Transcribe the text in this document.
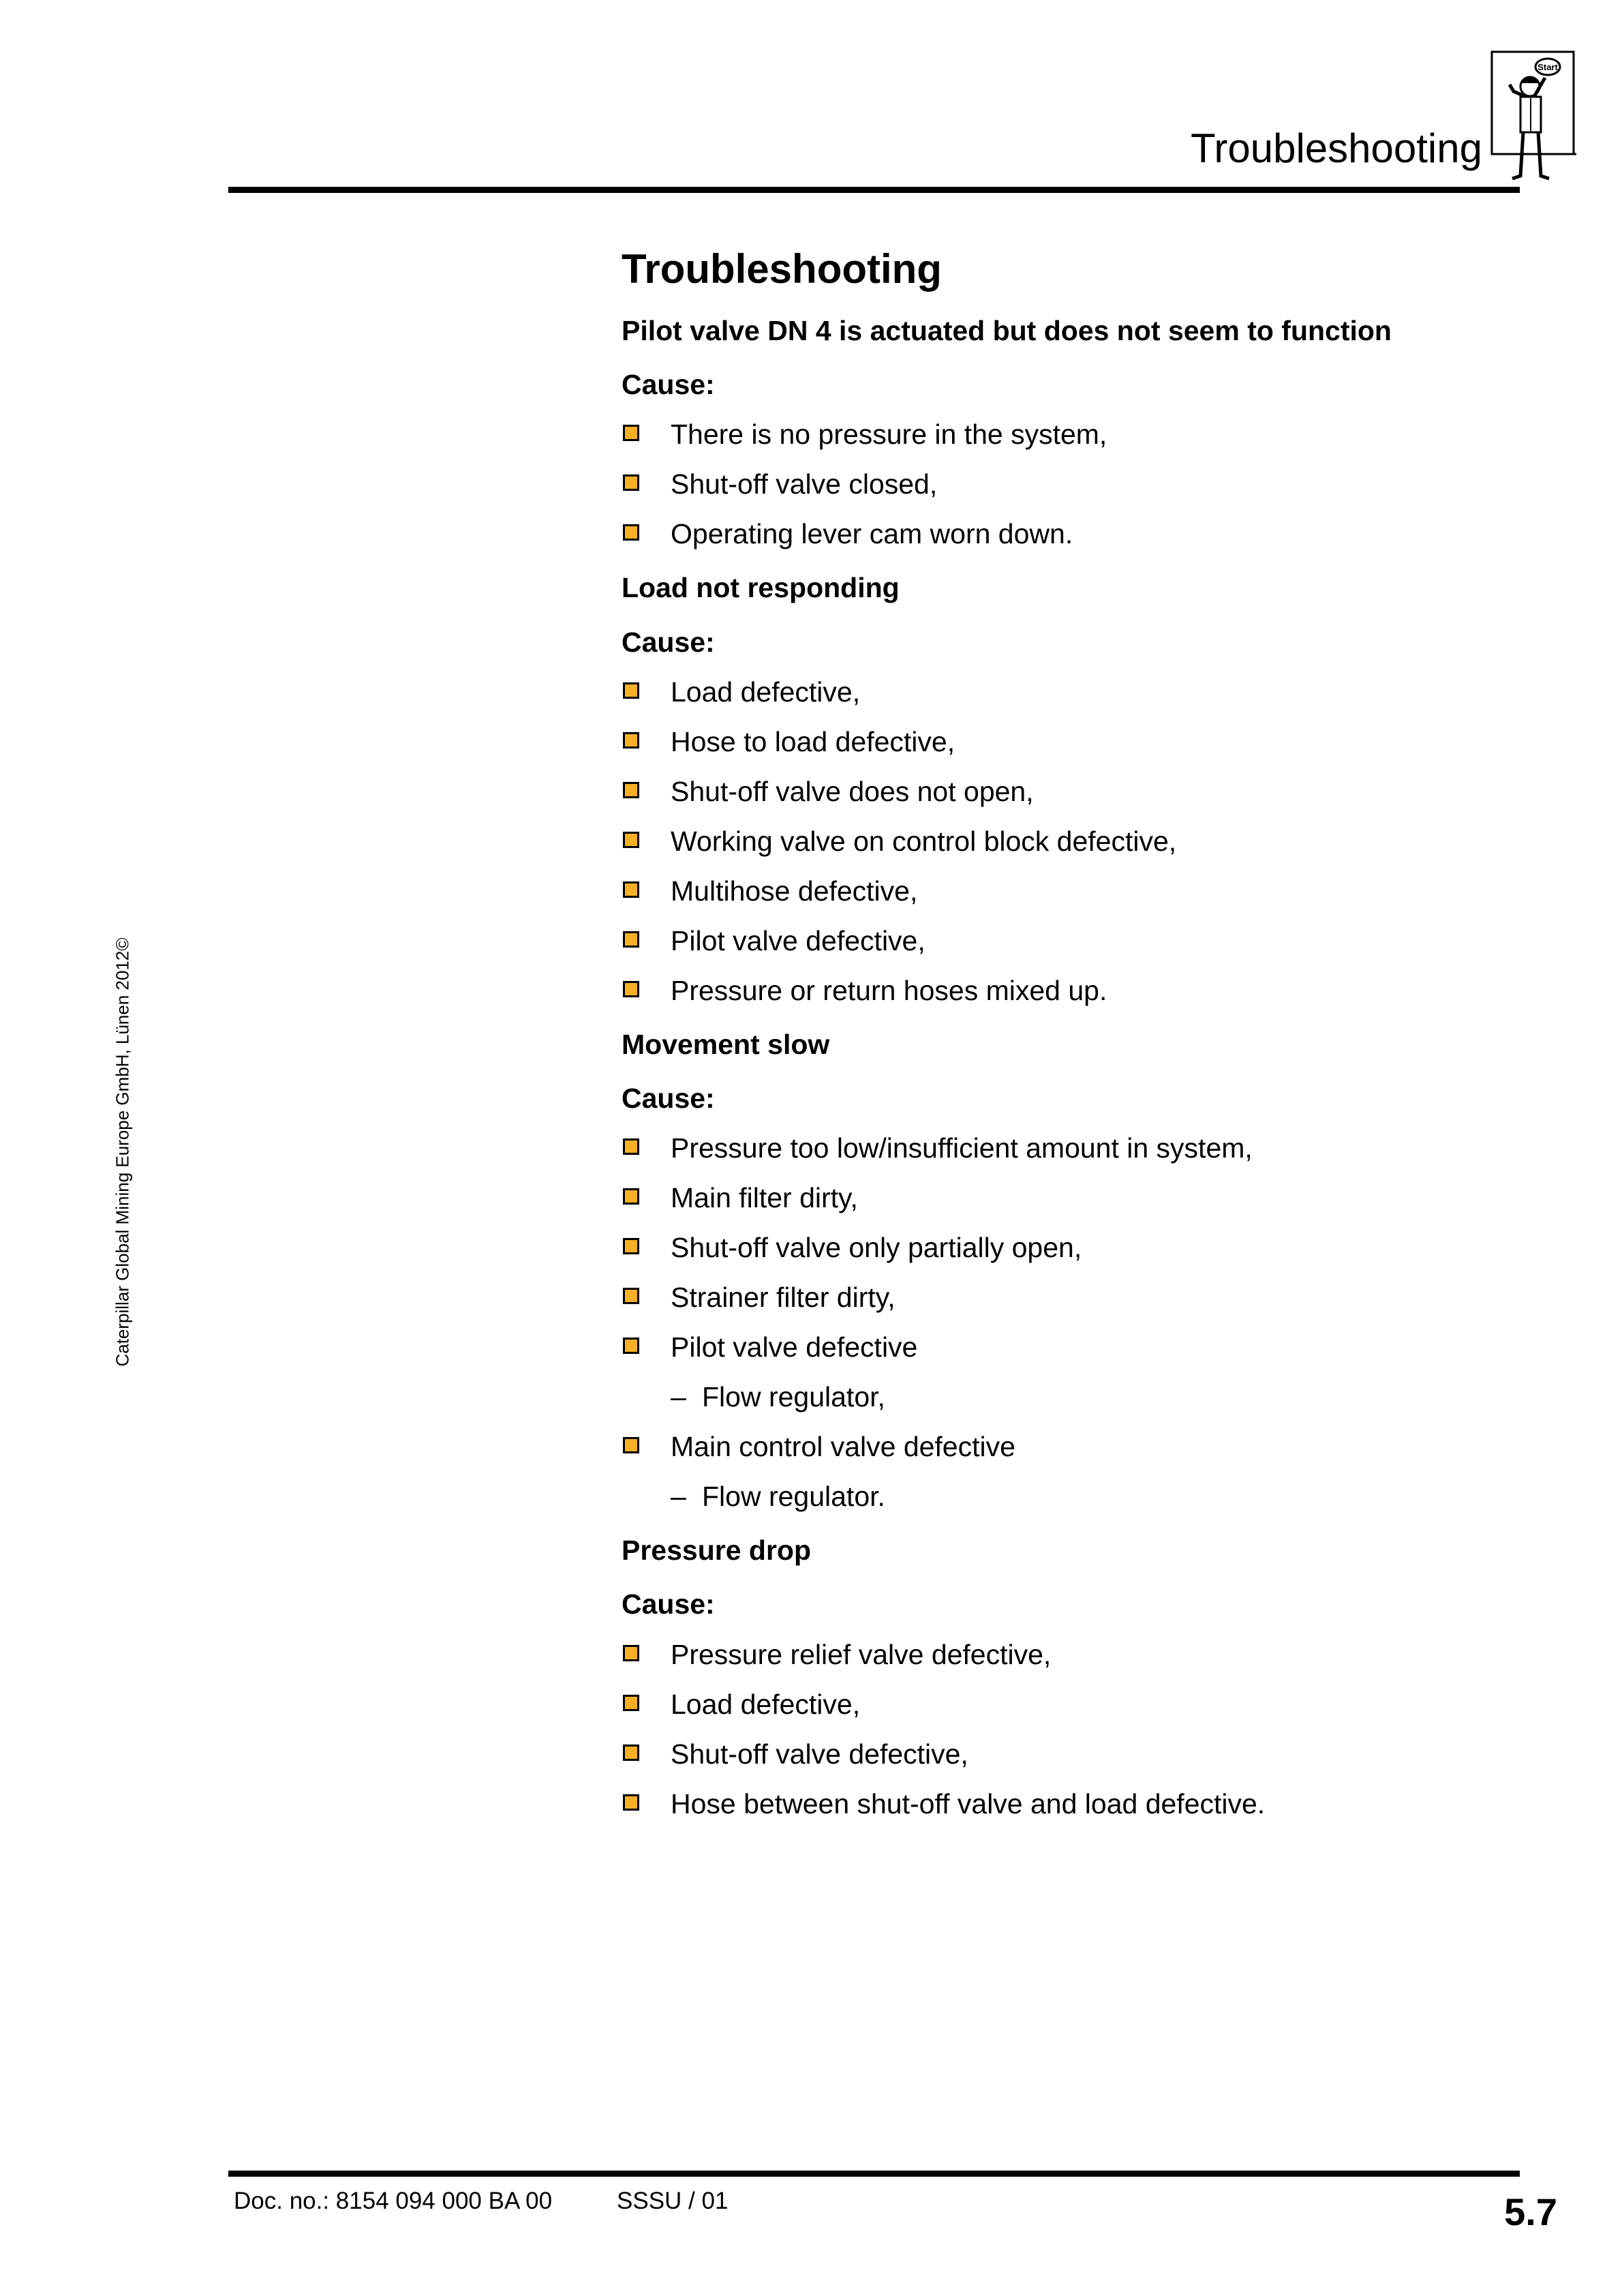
Troubleshooting
Start
Caterpillar Global Mining Europe GmbH, Lünen 2012©
Troubleshooting
Pilot valve DN 4 is actuated but does not seem to function
Cause:
There is no pressure in the system,
Shut-off valve closed,
Operating lever cam worn down.
Load not responding
Cause:
Load defective,
Hose to load defective,
Shut-off valve does not open,
Working valve on control block defective,
Multihose defective,
Pilot valve defective,
Pressure or return hoses mixed up.
Movement slow
Cause:
Pressure too low/insufficient amount in system,
Main filter dirty,
Shut-off valve only partially open,
Strainer filter dirty,
Pilot valve defective
– Flow regulator,
Main control valve defective
– Flow regulator.
Pressure drop
Cause:
Pressure relief valve defective,
Load defective,
Shut-off valve defective,
Hose between shut-off valve and load defective.
Doc. no.: 8154 094 000 BA 00	SSSU / 01	5.7
